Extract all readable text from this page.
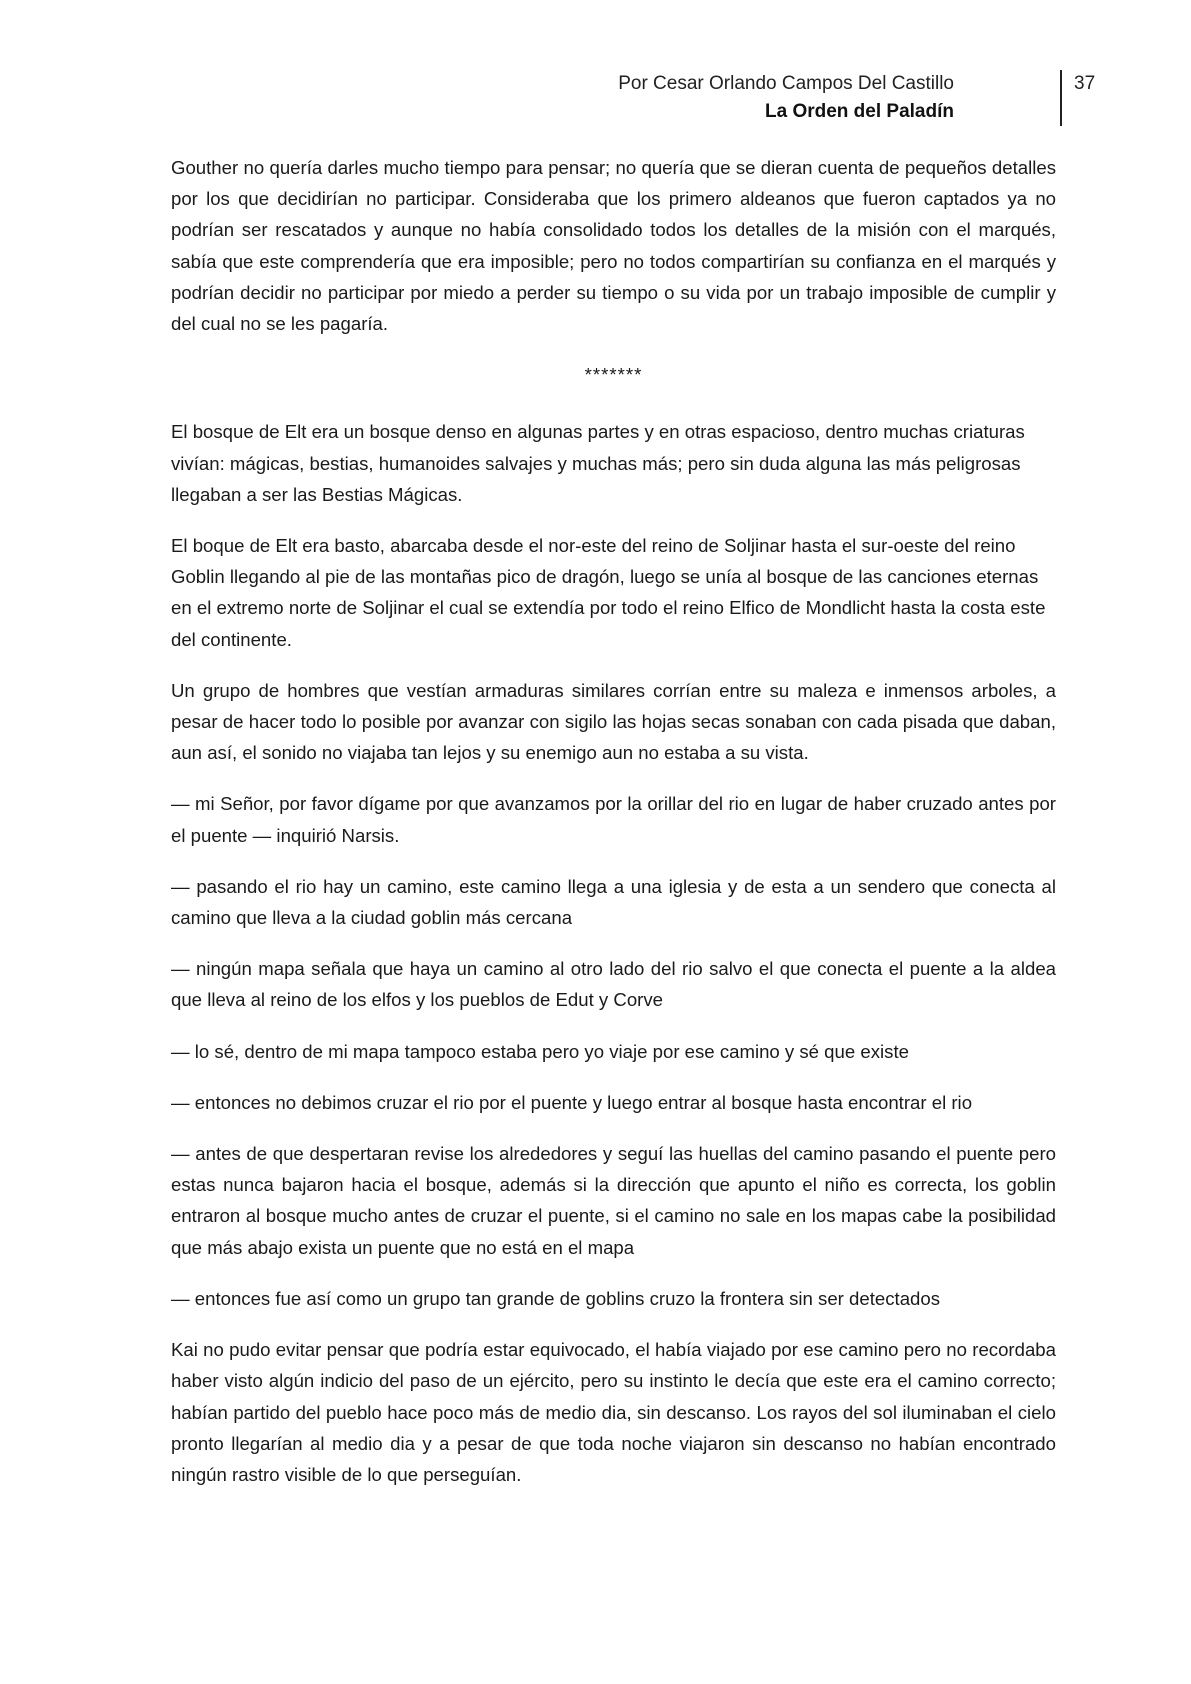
Por Cesar Orlando Campos Del Castillo
La Orden del Paladín
37

Gouther no quería darles mucho tiempo para pensar; no quería que se dieran cuenta de pequeños detalles por los que decidirían no participar. Consideraba que los primero aldeanos que fueron captados ya no podrían ser rescatados y aunque no había consolidado todos los detalles de la misión con el marqués, sabía que este comprendería que era imposible; pero no todos compartirían su confianza en el marqués y podrían decidir no participar por miedo a perder su tiempo o su vida por un trabajo imposible de cumplir y del cual no se les pagaría.

*******

El bosque de Elt era un bosque denso en algunas partes y en otras espacioso, dentro muchas criaturas vivían: mágicas, bestias, humanoides salvajes y muchas más; pero sin duda alguna las más peligrosas llegaban a ser las Bestias Mágicas.

El boque de Elt era basto, abarcaba desde el nor-este del reino de Soljinar hasta el sur-oeste del reino Goblin llegando al pie de las montañas pico de dragón, luego se unía al bosque de las canciones eternas en el extremo norte de Soljinar el cual se extendía por todo el reino Elfico de Mondlicht hasta la costa este del continente.

Un grupo de hombres que vestían armaduras similares corrían entre su maleza e inmensos arboles, a pesar de hacer todo lo posible por avanzar con sigilo las hojas secas sonaban con cada pisada que daban, aun así, el sonido no viajaba tan lejos y su enemigo aun no estaba a su vista.

— mi Señor, por favor dígame por que avanzamos por la orillar del rio en lugar de haber cruzado antes por el puente — inquirió Narsis.

— pasando el rio hay un camino, este camino llega a una iglesia y de esta a un sendero que conecta al camino que lleva a la ciudad goblin más cercana

— ningún mapa señala que haya un camino al otro lado del rio salvo el que conecta el puente a la aldea que lleva al reino de los elfos y los pueblos de Edut y Corve

— lo sé, dentro de mi mapa tampoco estaba pero yo viaje por ese camino y sé que existe

— entonces no debimos cruzar el rio por el puente y luego entrar al bosque hasta encontrar el rio

— antes de que despertaran revise los alrededores y seguí las huellas del camino pasando el puente pero estas nunca bajaron hacia el bosque, además si la dirección que apunto el niño es correcta, los goblin entraron al bosque mucho antes de cruzar el puente, si el camino no sale en los mapas cabe la posibilidad que más abajo exista un puente que no está en el mapa

— entonces fue así como un grupo tan grande de goblins cruzo la frontera sin ser detectados

Kai no pudo evitar pensar que podría estar equivocado, el había viajado por ese camino pero no recordaba haber visto algún indicio del paso de un ejército, pero su instinto le decía que este era el camino correcto; habían partido del pueblo hace poco más de medio dia, sin descanso. Los rayos del sol iluminaban el cielo pronto llegarían al medio dia y a pesar de que toda noche viajaron sin descanso no habían encontrado ningún rastro visible de lo que perseguían.
